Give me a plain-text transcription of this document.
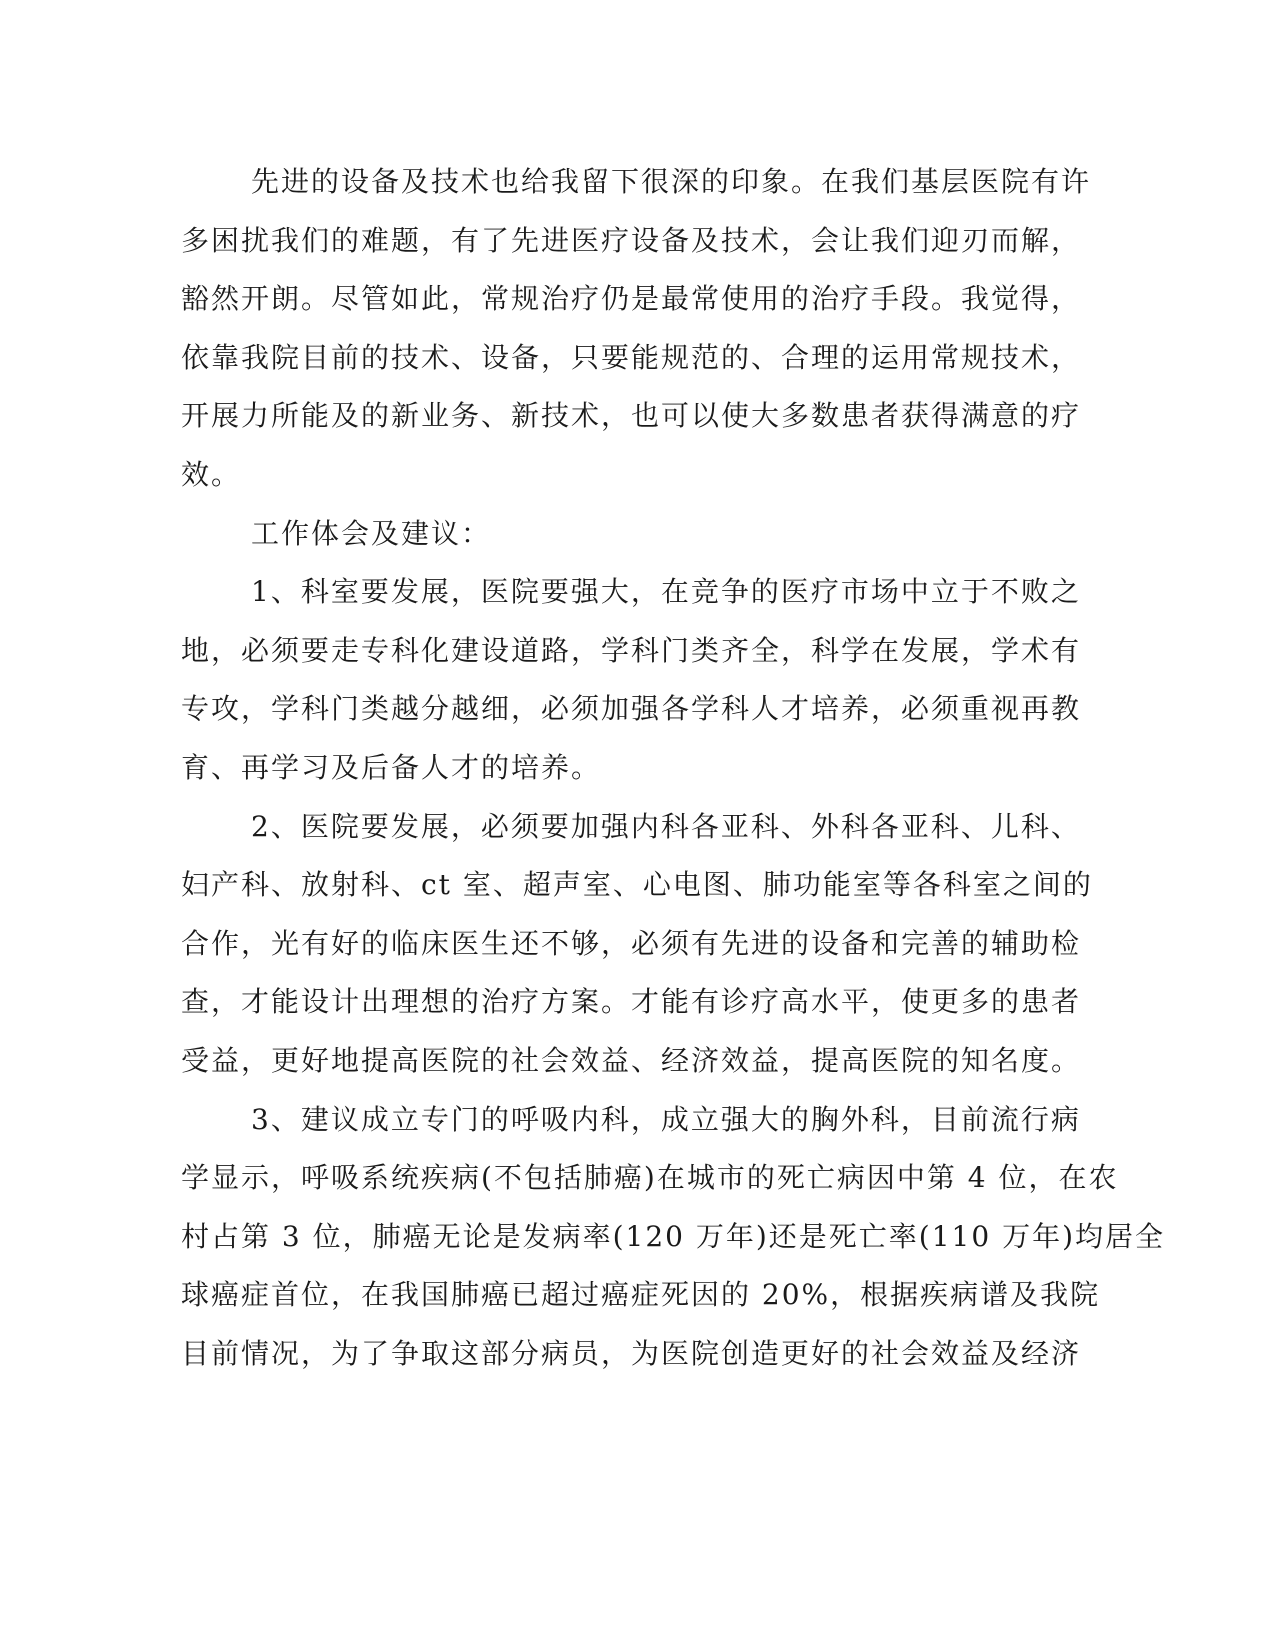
先进的设备及技术也给我留下很深的印象。在我们基层医院有许
多困扰我们的难题，有了先进医疗设备及技术，会让我们迎刃而解，
豁然开朗。尽管如此，常规治疗仍是最常使用的治疗手段。我觉得，
依靠我院目前的技术、设备，只要能规范的、合理的运用常规技术，
开展力所能及的新业务、新技术，也可以使大多数患者获得满意的疗
效。
工作体会及建议：
1、科室要发展，医院要强大，在竞争的医疗市场中立于不败之
地，必须要走专科化建设道路，学科门类齐全，科学在发展，学术有
专攻，学科门类越分越细，必须加强各学科人才培养，必须重视再教
育、再学习及后备人才的培养。
2、医院要发展，必须要加强内科各亚科、外科各亚科、儿科、
妇产科、放射科、ct 室、超声室、心电图、肺功能室等各科室之间的
合作，光有好的临床医生还不够，必须有先进的设备和完善的辅助检
查，才能设计出理想的治疗方案。才能有诊疗高水平，使更多的患者
受益，更好地提高医院的社会效益、经济效益，提高医院的知名度。
3、建议成立专门的呼吸内科，成立强大的胸外科，目前流行病
学显示，呼吸系统疾病(不包括肺癌)在城市的死亡病因中第 4 位，在农
村占第 3 位，肺癌无论是发病率(120 万年)还是死亡率(110 万年)均居全
球癌症首位，在我国肺癌已超过癌症死因的 20%，根据疾病谱及我院
目前情况，为了争取这部分病员，为医院创造更好的社会效益及经济
